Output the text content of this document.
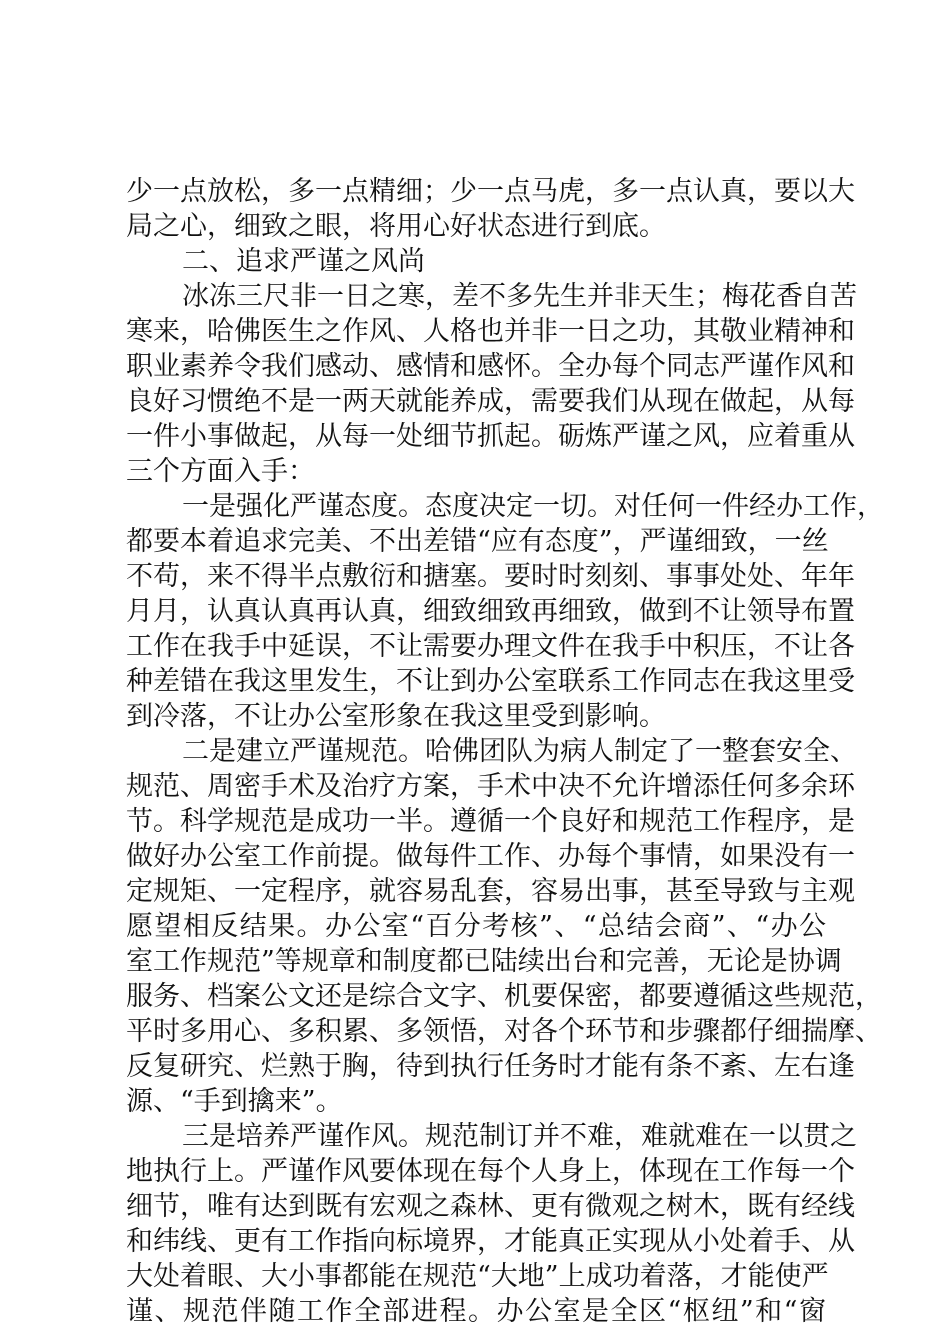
少一点放松，多一点精细；少一点马虎，多一点认真，要以大
局之心，细致之眼，将用心好状态进行到底。
二、追求严谨之风尚
冰冻三尺非一日之寒，差不多先生并非天生；梅花香自苦
寒来，哈佛医生之作风、人格也并非一日之功，其敬业精神和
职业素养令我们感动、感情和感怀。全办每个同志严谨作风和
良好习惯绝不是一两天就能养成，需要我们从现在做起，从每
一件小事做起，从每一处细节抓起。砺炼严谨之风，应着重从
三个方面入手：
一是强化严谨态度。态度决定一切。对任何一件经办工作，
都要本着追求完美、不出差错“应有态度”，严谨细致，一丝
不苟，来不得半点敷衍和搪塞。要时时刻刻、事事处处、年年
月月，认真认真再认真，细致细致再细致，做到不让领导布置
工作在我手中延误，不让需要办理文件在我手中积压，不让各
种差错在我这里发生，不让到办公室联系工作同志在我这里受
到冷落，不让办公室形象在我这里受到影响。
二是建立严谨规范。哈佛团队为病人制定了一整套安全、
规范、周密手术及治疗方案，手术中决不允许增添任何多余环
节。科学规范是成功一半。遵循一个良好和规范工作程序，是
做好办公室工作前提。做每件工作、办每个事情，如果没有一
定规矩、一定程序，就容易乱套，容易出事，甚至导致与主观
愿望相反结果。办公室“百分考核”、“总结会商”、“办公
室工作规范”等规章和制度都已陆续出台和完善，无论是协调
服务、档案公文还是综合文字、机要保密，都要遵循这些规范，
平时多用心、多积累、多领悟，对各个环节和步骤都仔细揣摩、
反复研究、烂熟于胸，待到执行任务时才能有条不紊、左右逢
源、“手到擒来”。
三是培养严谨作风。规范制订并不难，难就难在一以贯之
地执行上。严谨作风要体现在每个人身上，体现在工作每一个
细节，唯有达到既有宏观之森林、更有微观之树木，既有经线
和纬线、更有工作指向标境界，才能真正实现从小处着手、从
大处着眼、大小事都能在规范“大地”上成功着落，才能使严
谨、规范伴随工作全部进程。办公室是全区“枢纽”和“窗
